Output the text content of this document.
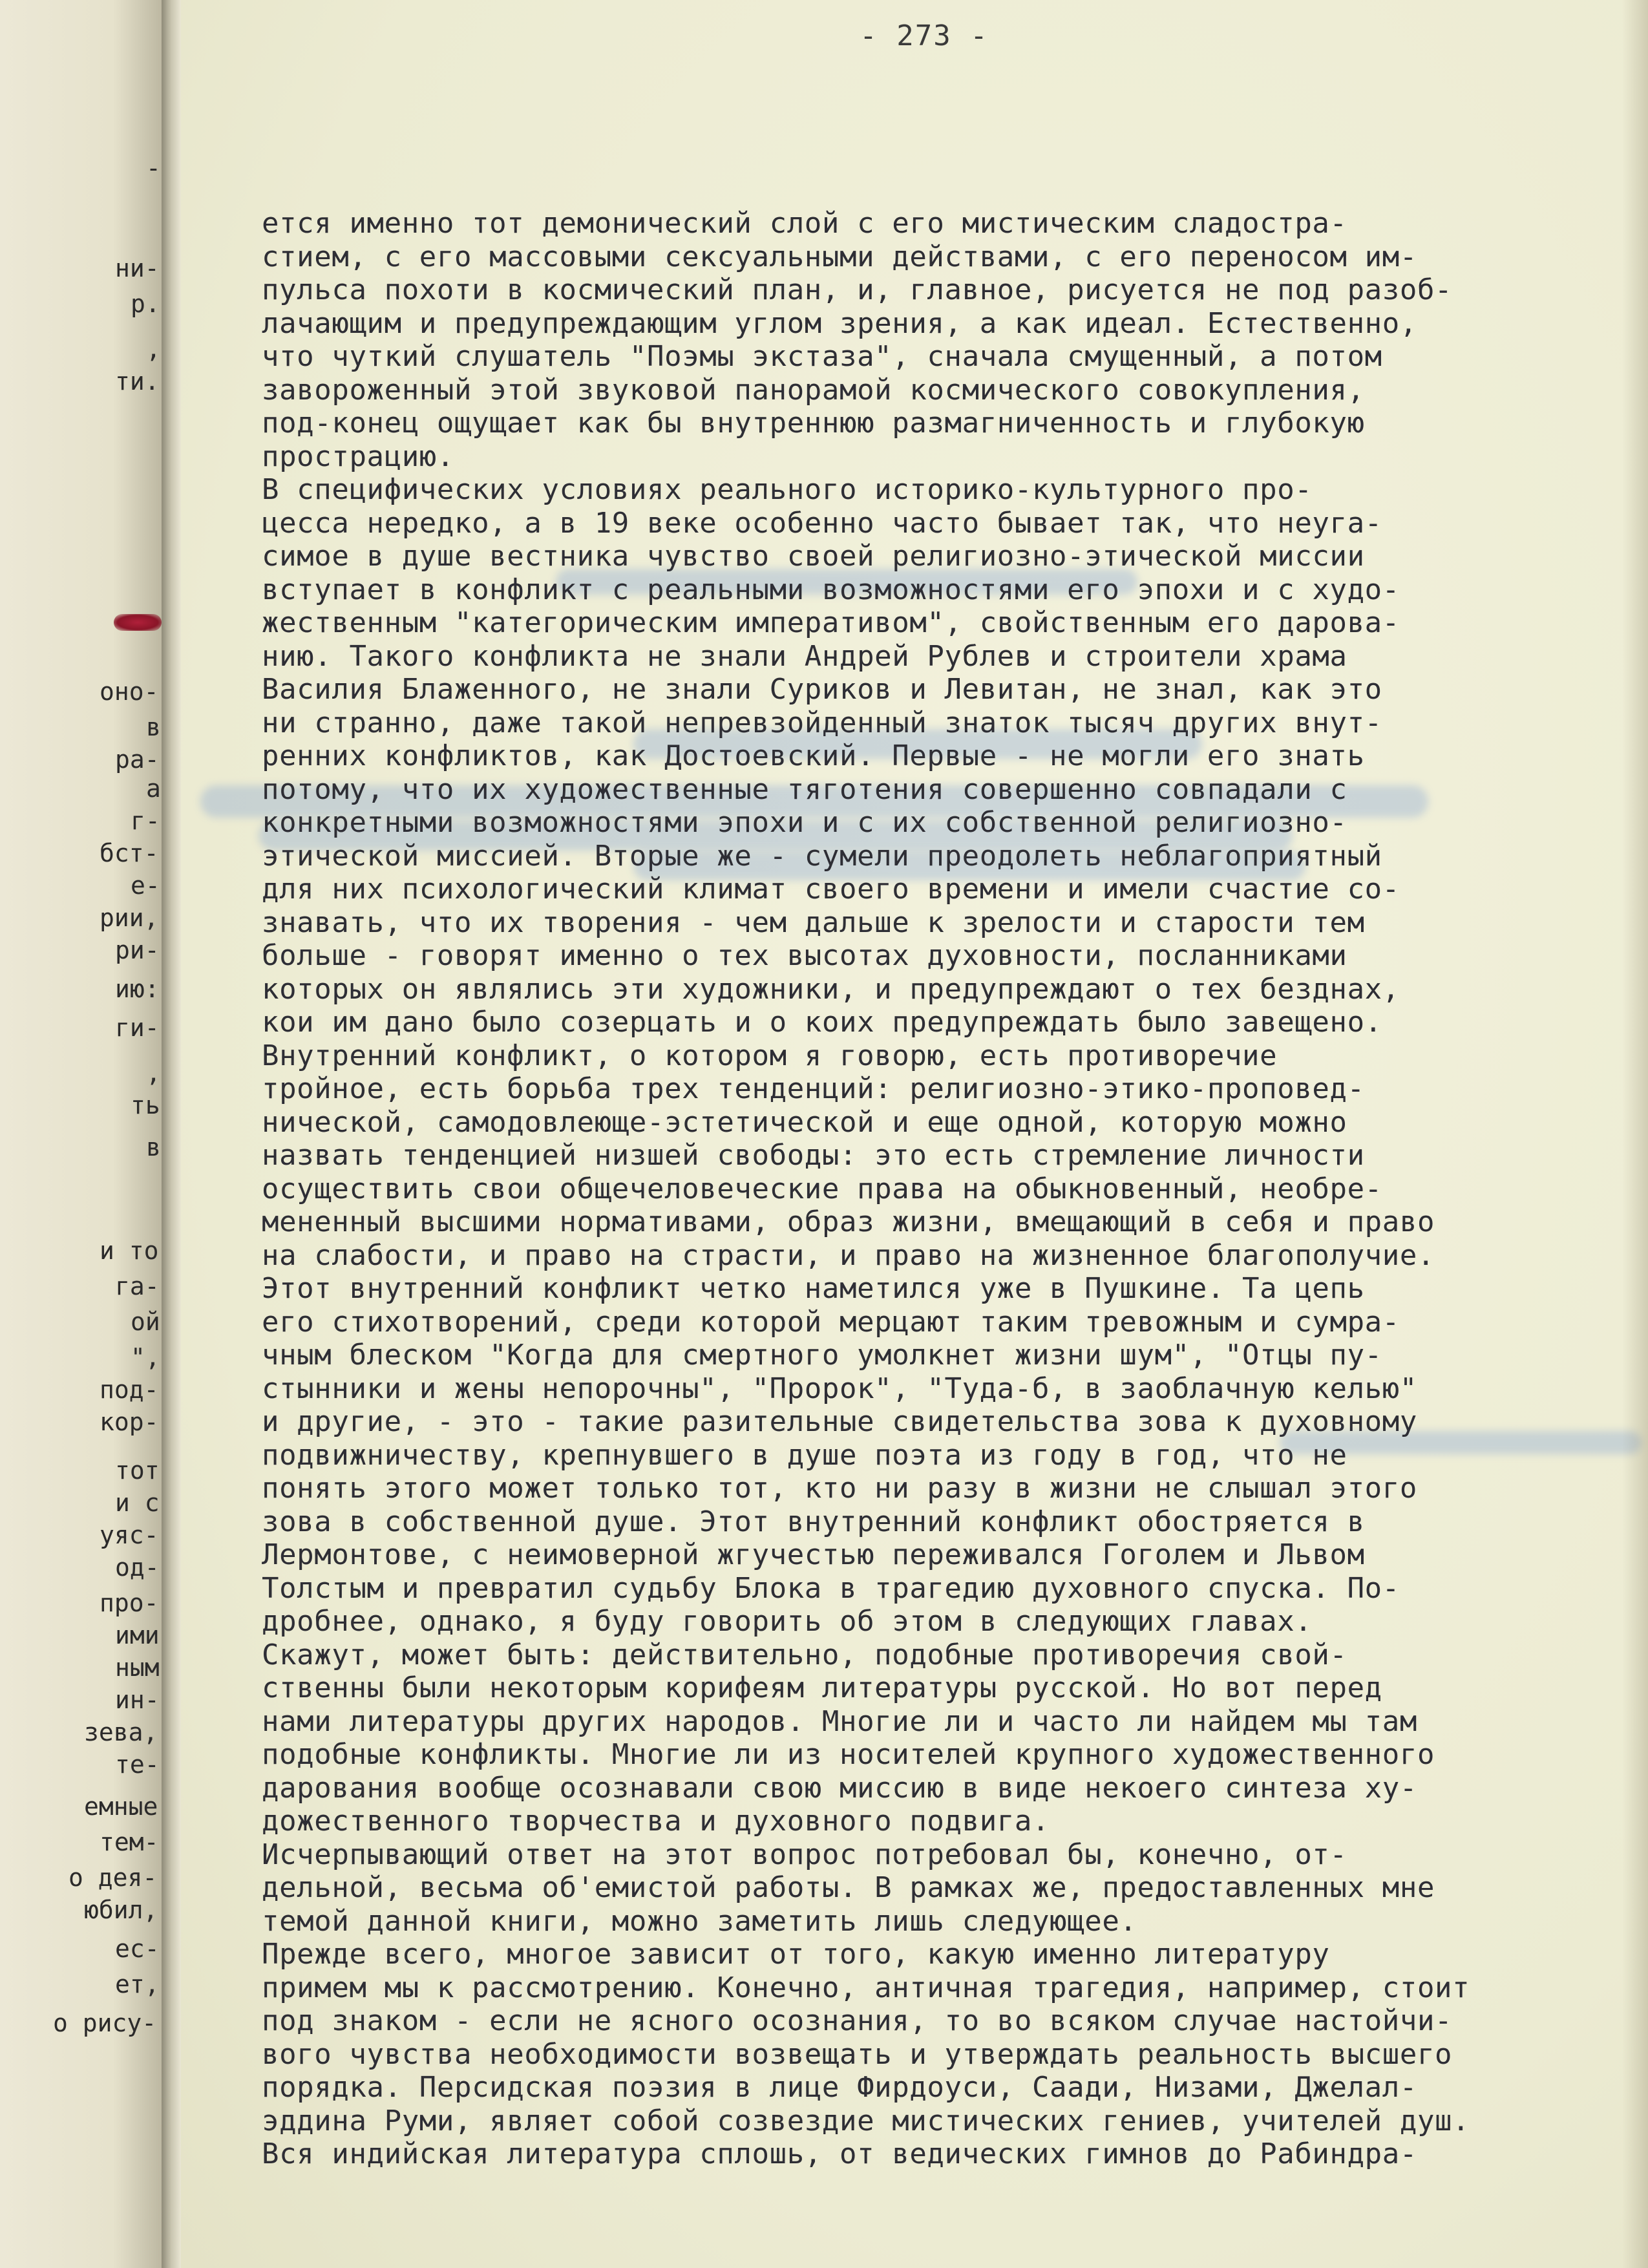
-
ни-
р.
,
ти.
оно-
в
ра-
а
г-
бст-
е-
рии,
ри-
ию:
ги-
,
ть
в
и то
га-
ой
",
под-
кор-
тот
и с
уяс-
од-
про-
ими
ным
ин-
зева,
те-
емные
тем-
о дея-
юбил,
ес-
ет,
о рису-
- 273 -
ется именно тот демонический слой с его мистическим сладостра-
стием, с его массовыми сексуальными действами, с его переносом им-
пульса похоти в космический план, и, главное, рисуется не под разоб-
лачающим и предупреждающим углом зрения, а как идеал. Естественно,
что чуткий слушатель "Поэмы экстаза", сначала смущенный, а потом
завороженный этой звуковой панорамой космического совокупления,
под-конец ощущает как бы внутреннюю размагниченность и глубокую
прострацию.
В специфических условиях реального историко-культурного про-
цесса нередко, а в 19 веке особенно часто бывает так, что неуга-
симое в душе вестника чувство своей религиозно-этической миссии
вступает в конфликт с реальными возможностями его эпохи и с худо-
жественным "категорическим императивом", свойственным его дарова-
нию. Такого конфликта не знали Андрей Рублев и строители храма
Василия Блаженного, не знали Суриков и Левитан, не знал, как это
ни странно, даже такой непревзойденный знаток тысяч других внут-
ренних конфликтов, как Достоевский. Первые - не могли его знать
потому, что их художественные тяготения совершенно совпадали с
конкретными возможностями эпохи и с их собственной религиозно-
этической миссией. Вторые же - сумели преодолеть неблагоприятный
для них психологический климат своего времени и имели счастие со-
знавать, что их творения - чем дальше к зрелости и старости тем
больше - говорят именно о тех высотах духовности, посланниками
которых он являлись эти художники, и предупреждают о тех безднах,
кои им дано было созерцать и о коих предупреждать было завещено.
Внутренний конфликт, о котором я говорю, есть противоречие
тройное, есть борьба трех тенденций: религиозно-этико-проповед-
нической, самодовлеюще-эстетической и еще одной, которую можно
назвать тенденцией низшей свободы: это есть стремление личности
осуществить свои общечеловеческие права на обыкновенный, необре-
мененный высшими нормативами, образ жизни, вмещающий в себя и право
на слабости, и право на страсти, и право на жизненное благополучие.
Этот внутренний конфликт четко наметился уже в Пушкине. Та цепь
его стихотворений, среди которой мерцают таким тревожным и сумра-
чным блеском "Когда для смертного умолкнет жизни шум", "Отцы пу-
стынники и жены непорочны", "Пророк", "Туда-б, в заоблачную келью"
и другие, - это - такие разительные свидетельства зова к духовному
подвижничеству, крепнувшего в душе поэта из году в год, что не
понять этого может только тот, кто ни разу в жизни не слышал этого
зова в собственной душе. Этот внутренний конфликт обостряется в
Лермонтове, с неимоверной жгучестью переживался Гоголем и Львом
Толстым и превратил судьбу Блока в трагедию духовного спуска. По-
дробнее, однако, я буду говорить об этом в следующих главах.
Скажут, может быть: действительно, подобные противоречия свой-
ственны были некоторым корифеям литературы русской. Но вот перед
нами литературы других народов. Многие ли и часто ли найдем мы там
подобные конфликты. Многие ли из носителей крупного художественного
дарования вообще осознавали свою миссию в виде некоего синтеза ху-
дожественного творчества и духовного подвига.
Исчерпывающий ответ на этот вопрос потребовал бы, конечно, от-
дельной, весьма об'емистой работы. В рамках же, предоставленных мне
темой данной книги, можно заметить лишь следующее.
Прежде всего, многое зависит от того, какую именно литературу
примем мы к рассмотрению. Конечно, античная трагедия, например, стоит
под знаком - если не ясного осознания, то во всяком случае настойчи-
вого чувства необходимости возвещать и утверждать реальность высшего
порядка. Персидская поэзия в лице Фирдоуси, Саади, Низами, Джелал-
эддина Руми, являет собой созвездие мистических гениев, учителей душ.
Вся индийская литература сплошь, от ведических гимнов до Рабиндра-
